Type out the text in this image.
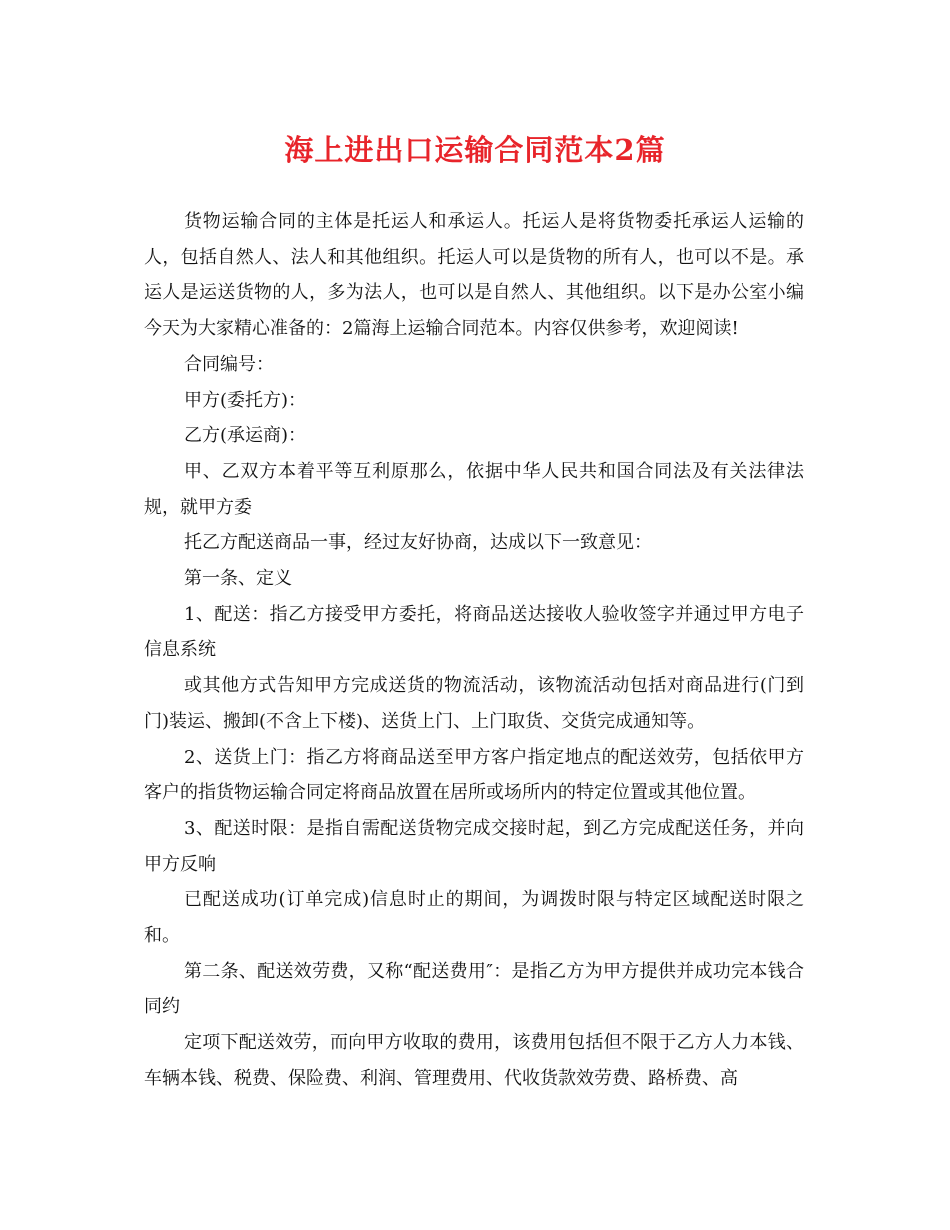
海上进出口运输合同范本2篇

货物运输合同的主体是托运人和承运人。托运人是将货物委托承运人运输的人，包括自然人、法人和其他组织。托运人可以是货物的所有人，也可以不是。承运人是运送货物的人，多为法人，也可以是自然人、其他组织。以下是办公室小编今天为大家精心准备的：2篇海上运输合同范本。内容仅供参考，欢迎阅读!

合同编号：

甲方(委托方)：

乙方(承运商)：

甲、乙双方本着平等互利原那么，依据中华人民共和国合同法及有关法律法规，就甲方委

托乙方配送商品一事，经过友好协商，达成以下一致意见：

第一条、定义

1、配送：指乙方接受甲方委托，将商品送达接收人验收签字并通过甲方电子信息系统

或其他方式告知甲方完成送货的物流活动，该物流活动包括对商品进行(门到门)装运、搬卸(不含上下楼)、送货上门、上门取货、交货完成通知等。

2、送货上门：指乙方将商品送至甲方客户指定地点的配送效劳，包括依甲方客户的指货物运输合同定将商品放置在居所或场所内的特定位置或其他位置。

3、配送时限：是指自需配送货物完成交接时起，到乙方完成配送任务，并向甲方反响

已配送成功(订单完成)信息时止的期间，为调拨时限与特定区域配送时限之和。

第二条、配送效劳费，又称“配送费用″：是指乙方为甲方提供并成功完本钱合同约

定项下配送效劳，而向甲方收取的费用，该费用包括但不限于乙方人力本钱、车辆本钱、税费、保险费、利润、管理费用、代收货款效劳费、路桥费、高
